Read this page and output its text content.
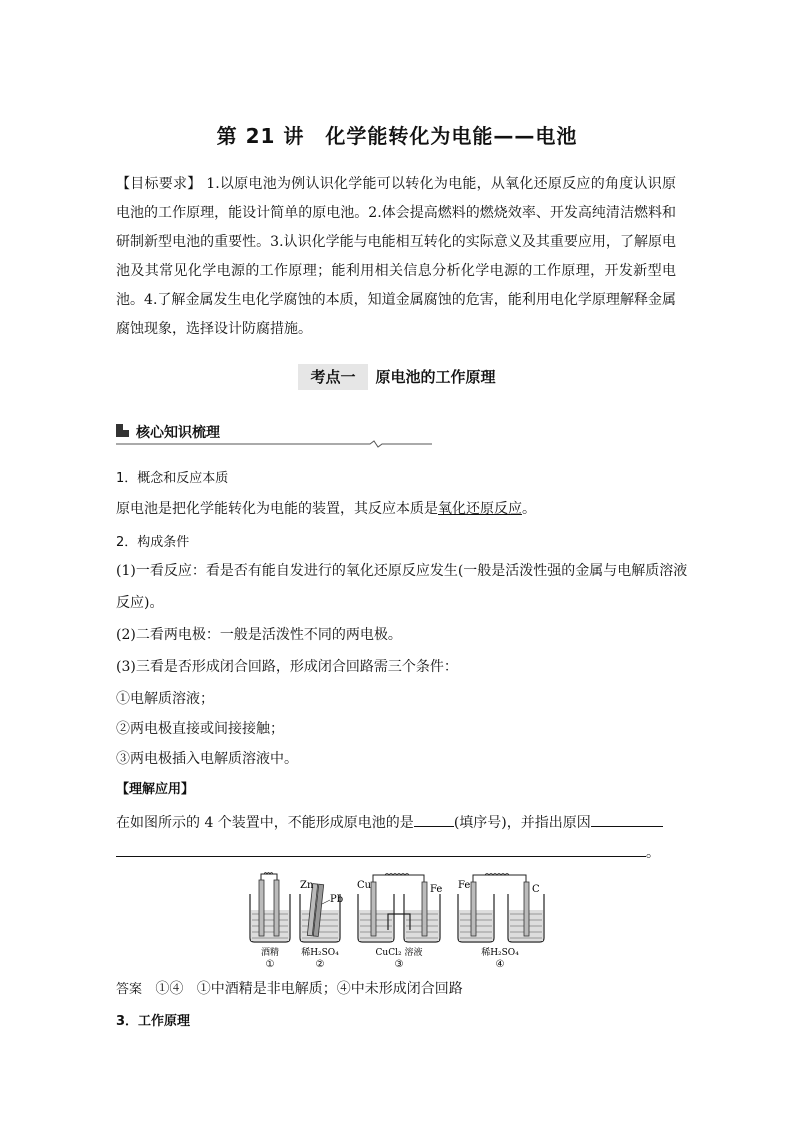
第 21 讲　化学能转化为电能——电池
【目标要求】 1.以原电池为例认识化学能可以转化为电能，从氧化还原反应的角度认识原电池的工作原理，能设计简单的原电池。2.体会提高燃料的燃烧效率、开发高纯清洁燃料和研制新型电池的重要性。3.认识化学能与电能相互转化的实际意义及其重要应用，了解原电池及其常见化学电源的工作原理；能利用相关信息分析化学电源的工作原理，开发新型电池。4.了解金属发生电化学腐蚀的本质，知道金属腐蚀的危害，能利用电化学原理解释金属腐蚀现象，选择设计防腐措施。
考点一 原电池的工作原理
核心知识梳理
1．概念和反应本质
原电池是把化学能转化为电能的装置，其反应本质是氧化还原反应。
2．构成条件
(1)一看反应：看是否有能自发进行的氧化还原反应发生(一般是活泼性强的金属与电解质溶液
反应)。
(2)二看两电极：一般是活泼性不同的两电极。
(3)三看是否形成闭合回路，形成闭合回路需三个条件：
①电解质溶液；
②两电极直接或间接接触；
③两电极插入电解质溶液中。
【理解应用】
在如图所示的 4 个装置中，不能形成原电池的是	(填序号)，并指出原因
。
酒精
①
Zn
Pb
稀H₂SO₄
②
Cu	Fe
CuCl₂ 溶液
③
Fe	C
稀H₂SO₄
④
答案 ①④ ①中酒精是非电解质；④中未形成闭合回路
3．工作原理
